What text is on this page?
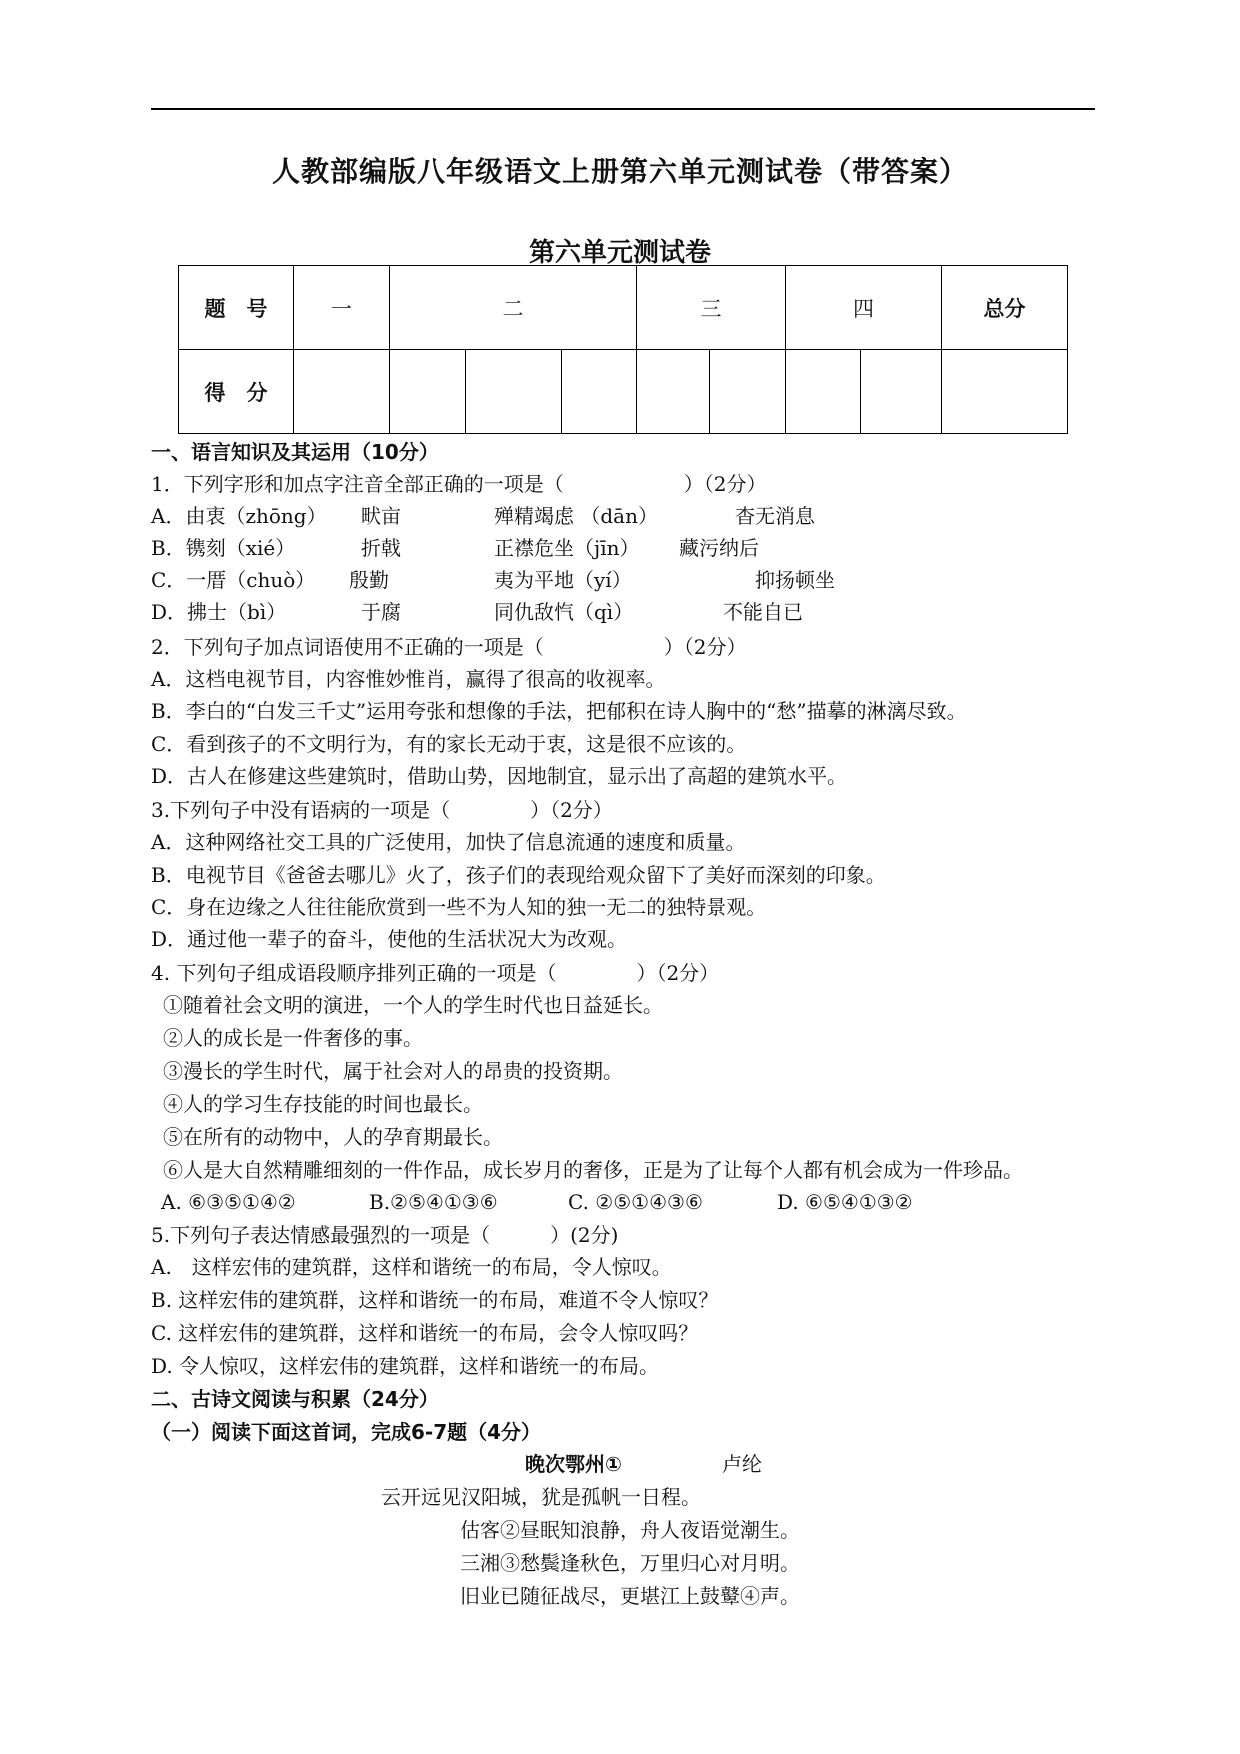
人教部编版八年级语文上册第六单元测试卷（带答案）
第六单元测试卷
题　号	一	二			三		四		总分
得　分									
一、语言知识及其运用（10分）
1．下列字形和加点字注音全部正确的一项是（　　　　　　）（2分）
A．由衷（zhōng） 畎亩	殚精竭虑 （dān）	杳无消息
B．镌刻（xié）	折戟	正襟危坐（jīn） 藏污纳后
C．一厝（chuò） 殷勤	夷为平地（yí）	抑扬顿坐
D．拂士（bì）	于腐	同仇敌忾（qì）	不能自已
2．下列句子加点词语使用不正确的一项是（　　　　　　）（2分）
A．这档电视节目，内容惟妙惟肖，赢得了很高的收视率。
B．李白的“白发三千丈”运用夸张和想像的手法，把郁积在诗人胸中的“愁”描摹的淋漓尽致。
C．看到孩子的不文明行为，有的家长无动于衷，这是很不应该的。
D．古人在修建这些建筑时，借助山势，因地制宜，显示出了高超的建筑水平。
3.下列句子中没有语病的一项是（　　　　）（2分）
A．这种网络社交工具的广泛使用，加快了信息流通的速度和质量。
B．电视节目《爸爸去哪儿》火了，孩子们的表现给观众留下了美好而深刻的印象。
C．身在边缘之人往往能欣赏到一些不为人知的独一无二的独特景观。
D．通过他一辈子的奋斗，使他的生活状况大为改观。
4. 下列句子组成语段顺序排列正确的一项是（　　　　）（2分）
①随着社会文明的演进，一个人的学生时代也日益延长。
②人的成长是一件奢侈的事。
③漫长的学生时代，属于社会对人的昂贵的投资期。
④人的学习生存技能的时间也最长。
⑤在所有的动物中，人的孕育期最长。
⑥人是大自然精雕细刻的一件作品，成长岁月的奢侈，正是为了让每个人都有机会成为一件珍品。
A. ⑥③⑤①④②	B.②⑤④①③⑥	C. ②⑤①④③⑥	D. ⑥⑤④①③②
5.下列句子表达情感最强烈的一项是（　　　）(2分)
A.　这样宏伟的建筑群，这样和谐统一的布局，令人惊叹。
B. 这样宏伟的建筑群，这样和谐统一的布局，难道不令人惊叹？
C. 这样宏伟的建筑群，这样和谐统一的布局，会令人惊叹吗？
D. 令人惊叹，这样宏伟的建筑群，这样和谐统一的布局。
二、古诗文阅读与积累（24分）
（一）阅读下面这首词，完成6-7题（4分）
晚次鄂州①	卢纶
云开远见汉阳城，犹是孤帆一日程。
估客②昼眠知浪静，舟人夜语觉潮生。
三湘③愁鬓逢秋色，万里归心对月明。
旧业已随征战尽，更堪江上鼓鼙④声。
